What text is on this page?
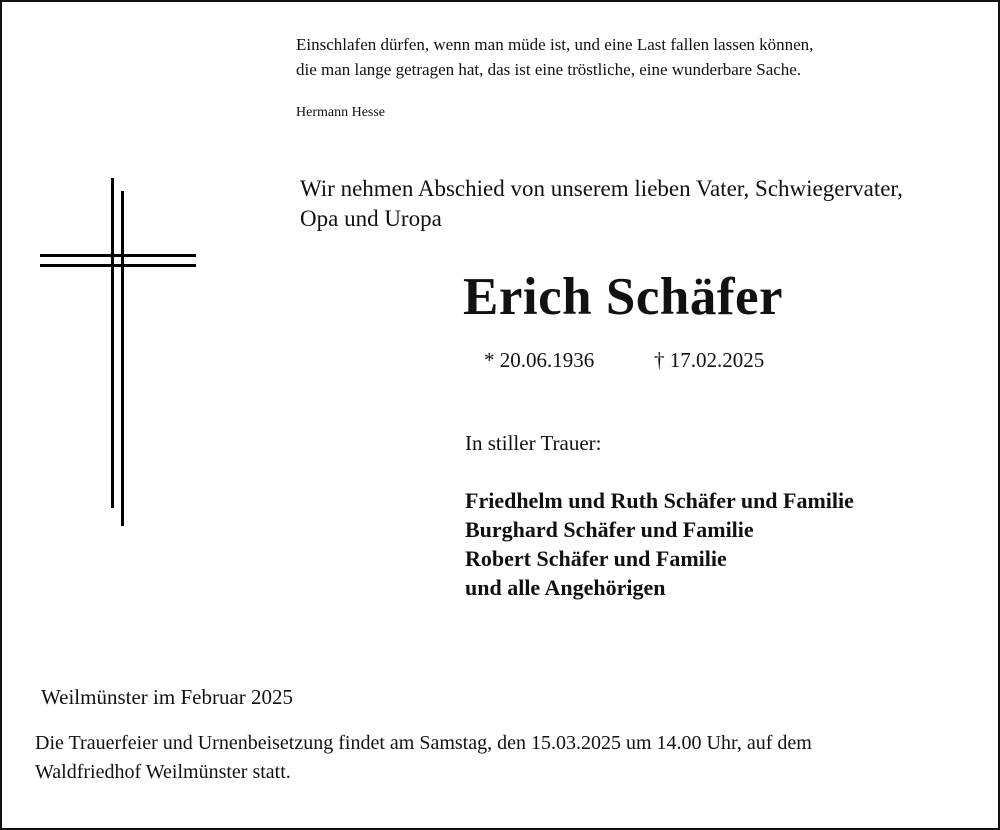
Einschlafen dürfen, wenn man müde ist, und eine Last fallen lassen können,
die man lange getragen hat, das ist eine tröstliche, eine wunderbare Sache.
Hermann Hesse
Wir nehmen Abschied von unserem lieben Vater, Schwiegervater,
Opa und Uropa
Erich Schäfer
* 20.06.1936	† 17.02.2025
In stiller Trauer:
Friedhelm und Ruth Schäfer und Familie
Burghard Schäfer und Familie
Robert Schäfer und Familie
und alle Angehörigen
Weilmünster im Februar 2025
Die Trauerfeier und Urnenbeisetzung findet am Samstag, den 15.03.2025 um 14.00 Uhr, auf dem
Waldfriedhof Weilmünster statt.
